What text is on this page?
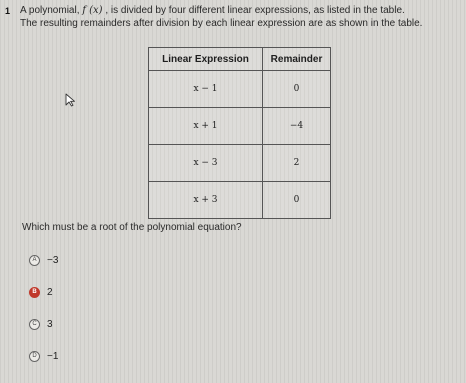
1 A polynomial, f (x) , is divided by four different linear expressions, as listed in the table.
The resulting remainders after division by each linear expression are as shown in the table.
Linear Expression	Remainder
x − 1	0
x + 1	−4
x − 3	2
x + 3	0
Which must be a root of the polynomial equation?
A	−3
B	2
C	3
D	−1
